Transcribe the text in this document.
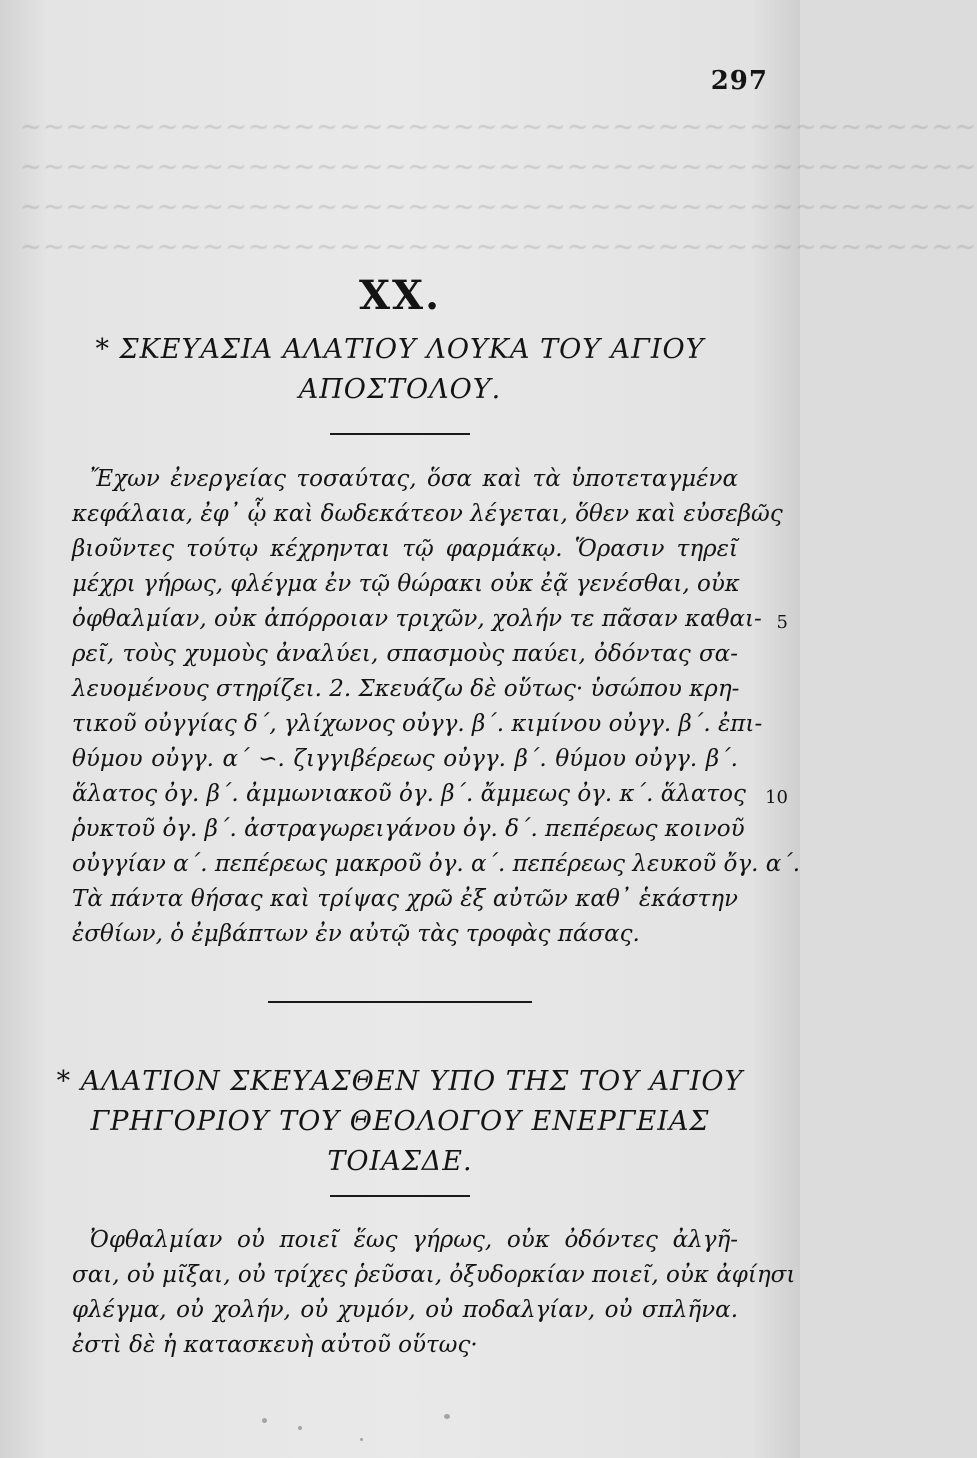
~~~~~~~~~~~~~~~~~~~~~~~~~~~~~~~~~~~~~~~~~~
~~~~~~~~~~~~~~~~~~~~~~~~~~~~~~~~~~~~~~~~~~
~~~~~~~~~~~~~~~~~~~~~~~~~~~~~~~~~~~~~~~~~~
~~~~~~~~~~~~~~~~~~~~~~~~~~~~~~~~~~~~~~~~~~
297
XX.
* ΣΚΕΥΑΣΙΑ ΑΛΑΤΙΟΥ ΛΟΥΚΑ ΤΟΥ ΑΓΙΟΥ
ΑΠΟΣΤΟΛΟΥ.
Ἔχων ἐνεργείας τοσαύτας, ὅσα καὶ τὰ ὑποτεταγμένα
κεφάλαια, ἐφ᾽ ᾧ καὶ δωδεκάτεον λέγεται, ὅθεν καὶ εὐσεβῶς
βιοῦντες τούτῳ κέχρηνται τῷ φαρμάκῳ. Ὅρασιν τηρεῖ
μέχρι γήρως, φλέγμα ἐν τῷ θώρακι οὐκ ἐᾷ γενέσθαι, οὐκ
ὀφθαλμίαν, οὐκ ἀπόρροιαν τριχῶν, χολήν τε πᾶσαν καθαι-
ρεῖ, τοὺς χυμοὺς ἀναλύει, σπασμοὺς παύει, ὀδόντας σα-
λευομένους στηρίζει. 2. Σκευάζω δὲ οὕτως· ὑσώπου κρη-
τικοῦ οὐγγίας δ΄, γλίχωνος οὐγγ. β΄. κιμίνου οὐγγ. β΄. ἐπι-
θύμου οὐγγ. α΄ ∽. ζιγγιβέρεως οὐγγ. β΄. θύμου οὐγγ. β΄.
ἅλατος ὀγ. β΄. ἀμμωνιακοῦ ὀγ. β΄. ἄμμεως ὀγ. κ΄. ἅλατος
ῥυκτοῦ ὀγ. β΄. ἀστραγωρειγάνου ὀγ. δ΄. πεπέρεως κοινοῦ
οὐγγίαν α΄. πεπέρεως μακροῦ ὀγ. α΄. πεπέρεως λευκοῦ ὄγ. α΄.
Τὰ πάντα θήσας καὶ τρίψας χρῶ ἐξ αὐτῶν καθ᾽ ἑκάστην
ἐσθίων, ὁ ἐμβάπτων ἐν αὐτῷ τὰς τροφὰς πάσας.
5
10
* ΑΛΑΤΙΟΝ ΣΚΕΥΑΣΘΕΝ ΥΠΟ ΤΗΣ ΤΟΥ ΑΓΙΟΥ
ΓΡΗΓΟΡΙΟΥ ΤΟΥ ΘΕΟΛΟΓΟΥ ΕΝΕΡΓΕΙΑΣ
ΤΟΙΑΣΔΕ.
Ὀφθαλμίαν οὐ ποιεῖ ἕως γήρως, οὐκ ὀδόντες ἀλγῆ-
σαι, οὐ μῖξαι, οὐ τρίχες ῥεῦσαι, ὀξυδορκίαν ποιεῖ, οὐκ ἀφίησι
φλέγμα, οὐ χολήν, οὐ χυμόν, οὐ ποδαλγίαν, οὐ σπλῆνα.
ἐστὶ δὲ ἡ κατασκευὴ αὐτοῦ οὕτως·
